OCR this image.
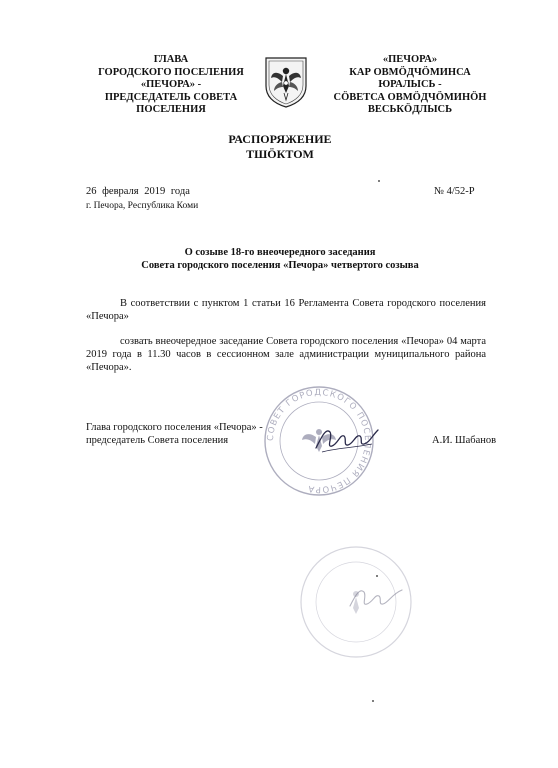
ГЛАВА
ГОРОДСКОГО ПОСЕЛЕНИЯ
«ПЕЧОРА» -
ПРЕДСЕДАТЕЛЬ СОВЕТА
ПОСЕЛЕНИЯ
«ПЕЧОРА»
КАР ОВМÖДЧÖМИНСА
ЮРАЛЫСЬ -
СÖВЕТСА ОВМÖДЧÖМИНÖН
ВЕСЬКÖДЛЫСЬ
РАСПОРЯЖЕНИЕ
ТШÖКТОМ
26 февраля 2019 года
г. Печора, Республика Коми
№ 4/52-Р
О созыве 18-го внеочередного заседания
Совета городского поселения «Печора» четвертого созыва
В соответствии с пунктом 1 статьи 16 Регламента Совета городского поселения «Печора»
созвать внеочередное заседание Совета городского поселения «Печора» 04 марта 2019 года в 11.30 часов в сессионном зале администрации муниципального района «Печора».
СОВЕТ ГОРОДСКОГО ПОСЕЛЕНИЯ ПЕЧОРА
Глава городского поселения «Печора» -
председатель Совета поселения	А.И. Шабанов
